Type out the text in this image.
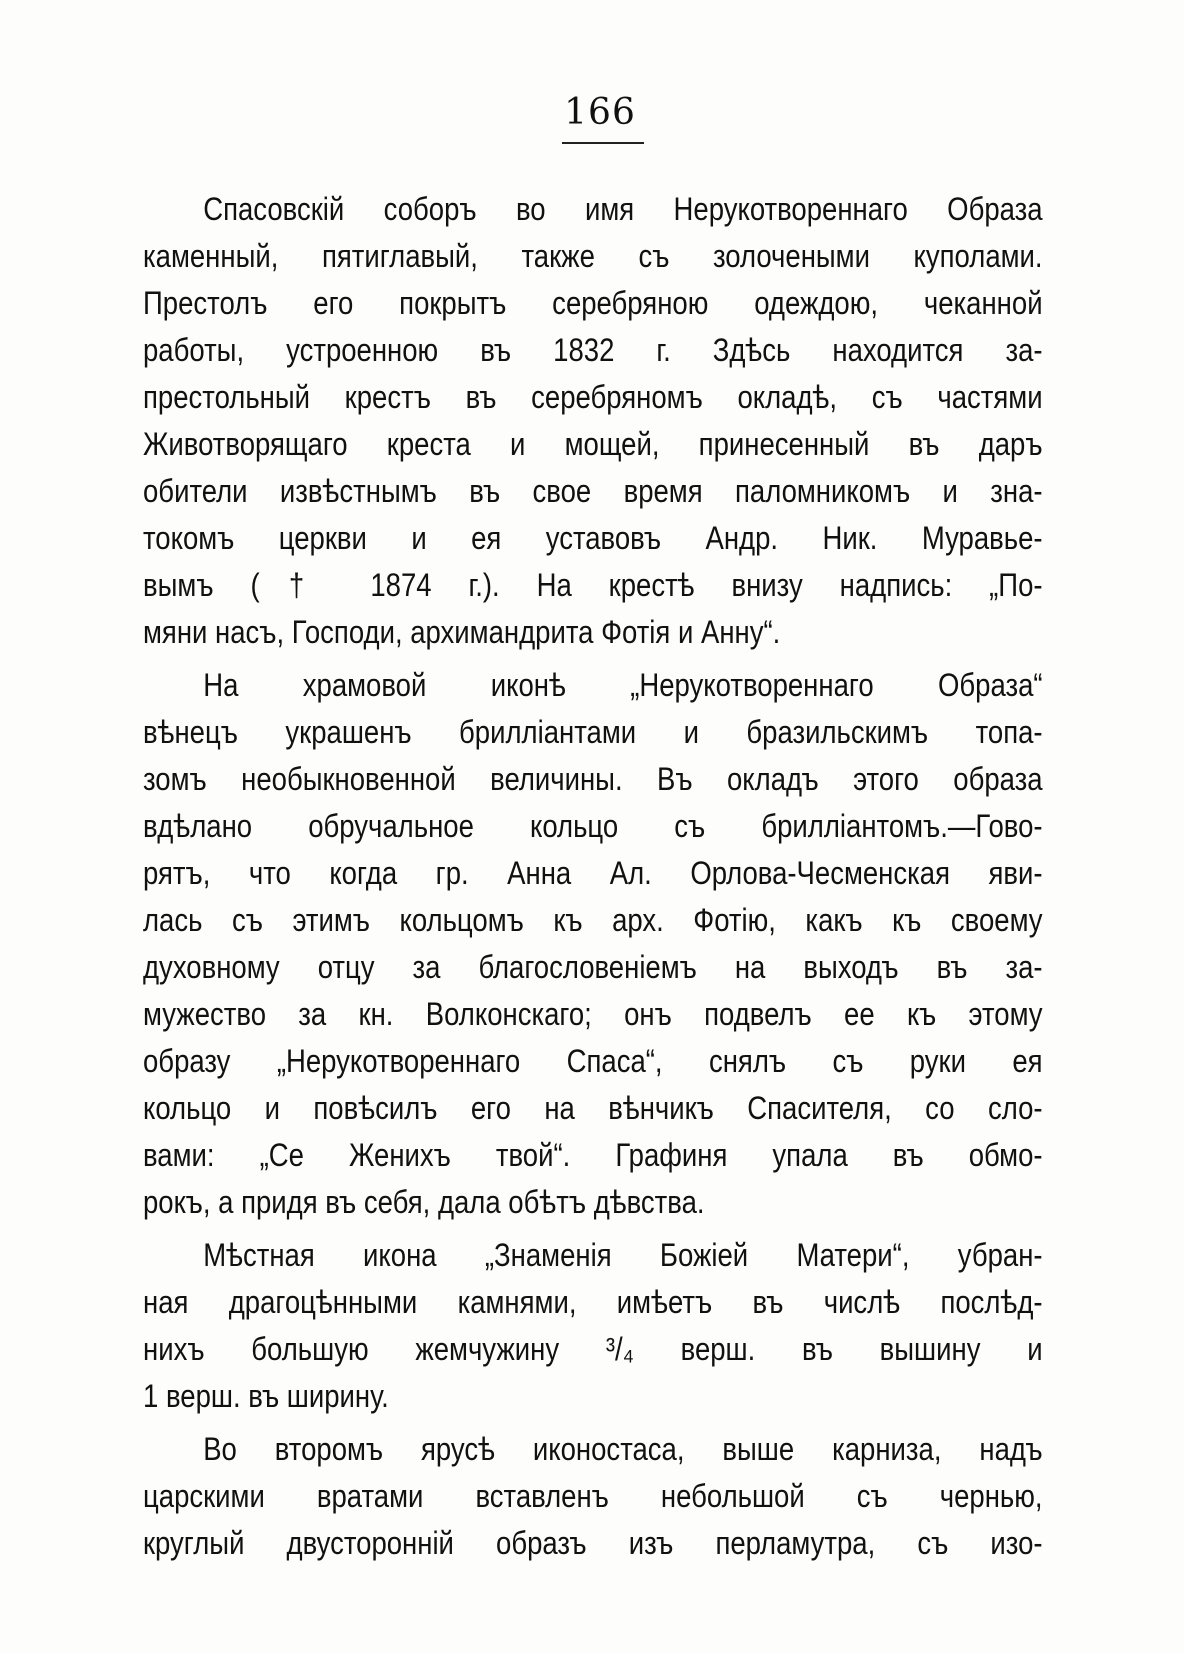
166
Спасовскій соборъ во имя Нерукотвореннаго Образа
каменный, пятиглавый, также съ золочеными куполами.
Престолъ его покрытъ серебряною одеждою, чеканной
работы, устроенною въ 1832 г. Здѣсь находится за-
престольный крестъ въ серебряномъ окладѣ, съ частями
Животворящаго креста и мощей, принесенный въ даръ
обители извѣстнымъ въ свое время паломникомъ и зна-
токомъ церкви и ея уставовъ Андр. Ник. Муравье-
вымъ († 1874 г.). На крестѣ внизу надпись: „По-
мяни насъ, Господи, архимандрита Фотія и Анну“.
На храмовой иконѣ „Нерукотвореннаго Образа“
вѣнецъ украшенъ бриллiантами и бразильскимъ топа-
зомъ необыкновенной величины. Въ окладъ этого образа
вдѣлано обручальное кольцо съ бриллiантомъ.—Гово-
рятъ, что когда гр. Анна Ал. Орлова-Чесменская яви-
лась съ этимъ кольцомъ къ арх. Фотію, какъ къ своему
духовному отцу за благословенiемъ на выходъ въ за-
мужество за кн. Волконскаго; онъ подвелъ ее къ этому
образу „Нерукотвореннаго Спаса“, снялъ съ руки ея
кольцо и повѣсилъ его на вѣнчикъ Спасителя, со сло-
вами: „Се Женихъ твой“. Графиня упала въ обмо-
рокъ, а придя въ себя, дала обѣтъ дѣвства.
Мѣстная икона „Знаменія Божіей Матери“, убран-
ная драгоцѣнными камнями, имѣетъ въ числѣ послѣд-
нихъ большую жемчужину ³/₄ верш. въ вышину и
1 верш. въ ширину.
Во второмъ ярусѣ иконостаса, выше карниза, надъ
царскими вратами вставленъ небольшой съ чернью,
круглый двусторонній образъ изъ перламутра, съ изо-
